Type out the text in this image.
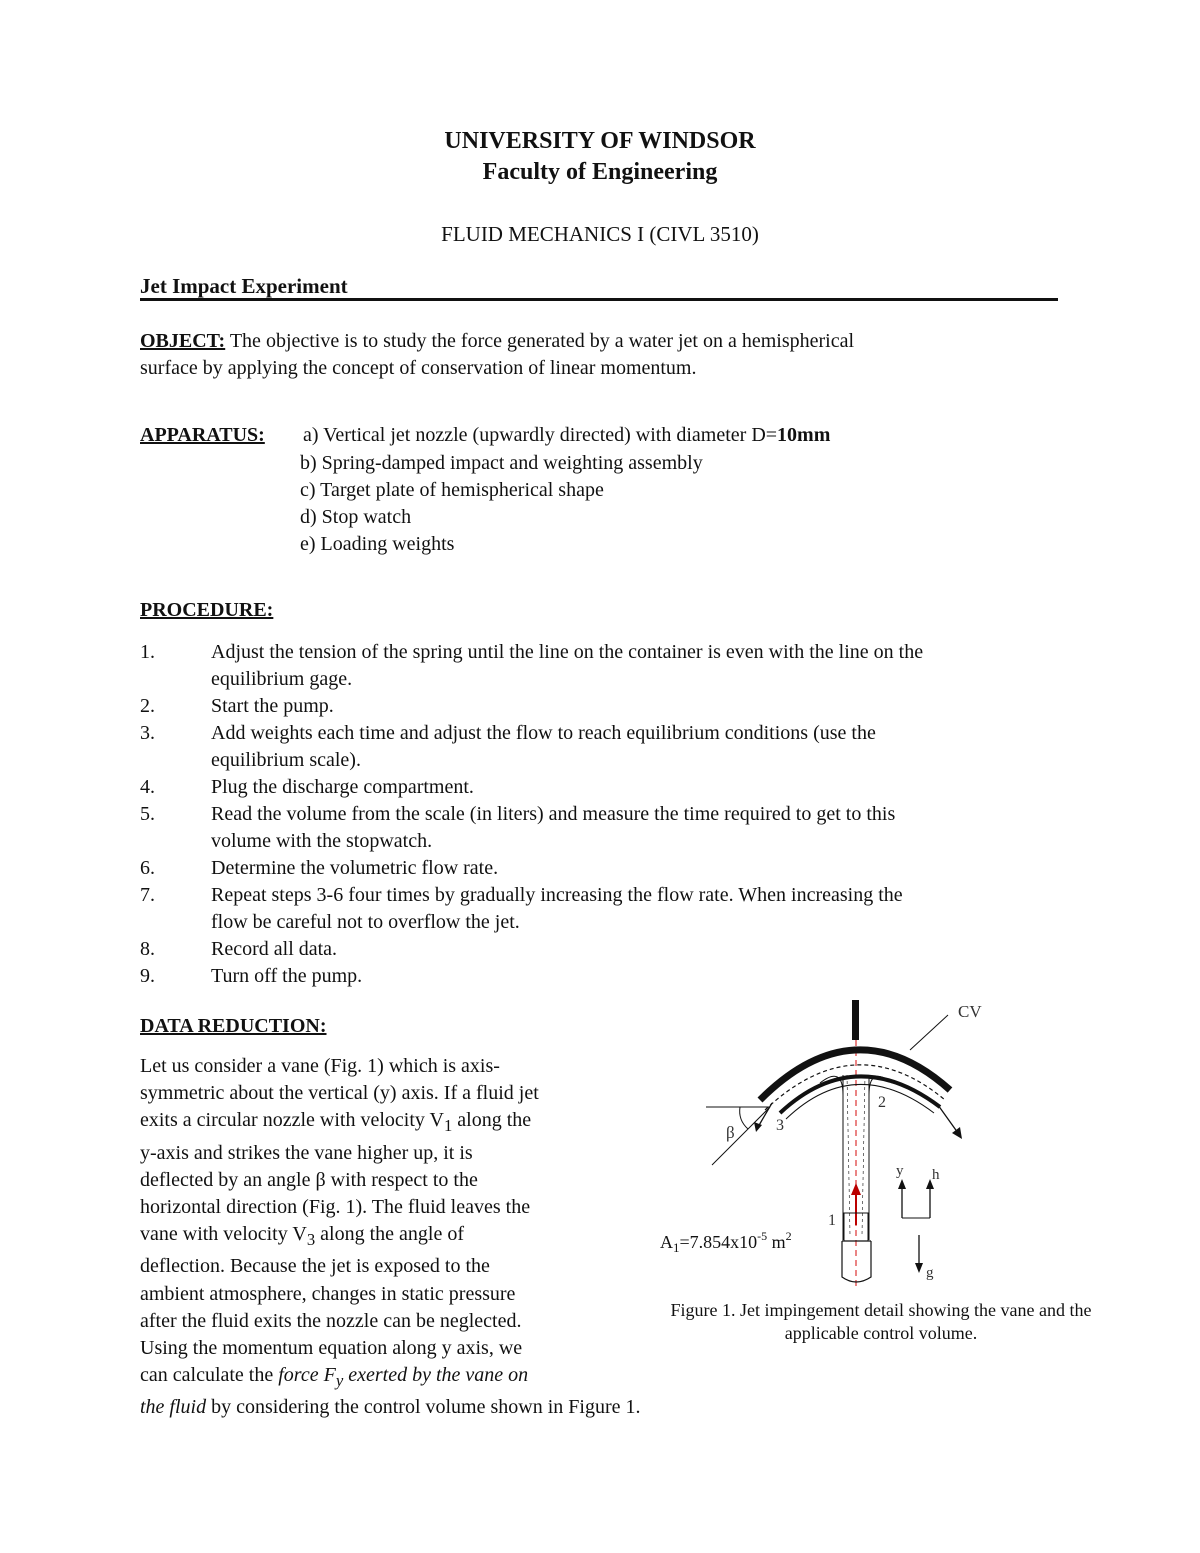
UNIVERSITY OF WINDSOR
Faculty of Engineering
FLUID MECHANICS I (CIVL 3510)
Jet Impact Experiment
OBJECT: The objective is to study the force generated by a water jet on a hemispherical
surface by applying the concept of conservation of linear momentum.
APPARATUS: a) Vertical jet nozzle (upwardly directed) with diameter D=10mm
b) Spring-damped impact and weighting assembly
c) Target plate of hemispherical shape
d) Stop watch
e) Loading weights
PROCEDURE:
1.	Adjust the tension of the spring until the line on the container is even with the line on the
equilibrium gage.
2.	Start the pump.
3.	Add weights each time and adjust the flow to reach equilibrium conditions (use the
equilibrium scale).
4.	Plug the discharge compartment.
5.	Read the volume from the scale (in liters) and measure the time required to get to this
volume with the stopwatch.
6.	Determine the volumetric flow rate.
7.	Repeat steps 3-6 four times by gradually increasing the flow rate. When increasing the
flow be careful not to overflow the jet.
8.	Record all data.
9.	Turn off the pump.
DATA REDUCTION:
Let us consider a vane (Fig. 1) which is axis-
symmetric about the vertical (y) axis. If a fluid jet
exits a circular nozzle with velocity $V_1$ along the
y-axis and strikes the vane higher up, it is
deflected by an angle β with respect to the
horizontal direction (Fig. 1). The fluid leaves the
vane with velocity $V_3$ along the angle of
deflection. Because the jet is exposed to the
ambient atmosphere, changes in static pressure
after the fluid exits the nozzle can be neglected.
Using the momentum equation along y axis, we
can calculate the force $F_y$ exerted by the vane on
the fluid by considering the control volume shown in Figure 1.
CV
1
2
3
β
y h
g
$A_1=7.854x10^{-5}$ $m^2$
Figure 1. Jet impingement detail showing the vane and the
applicable control volume.
